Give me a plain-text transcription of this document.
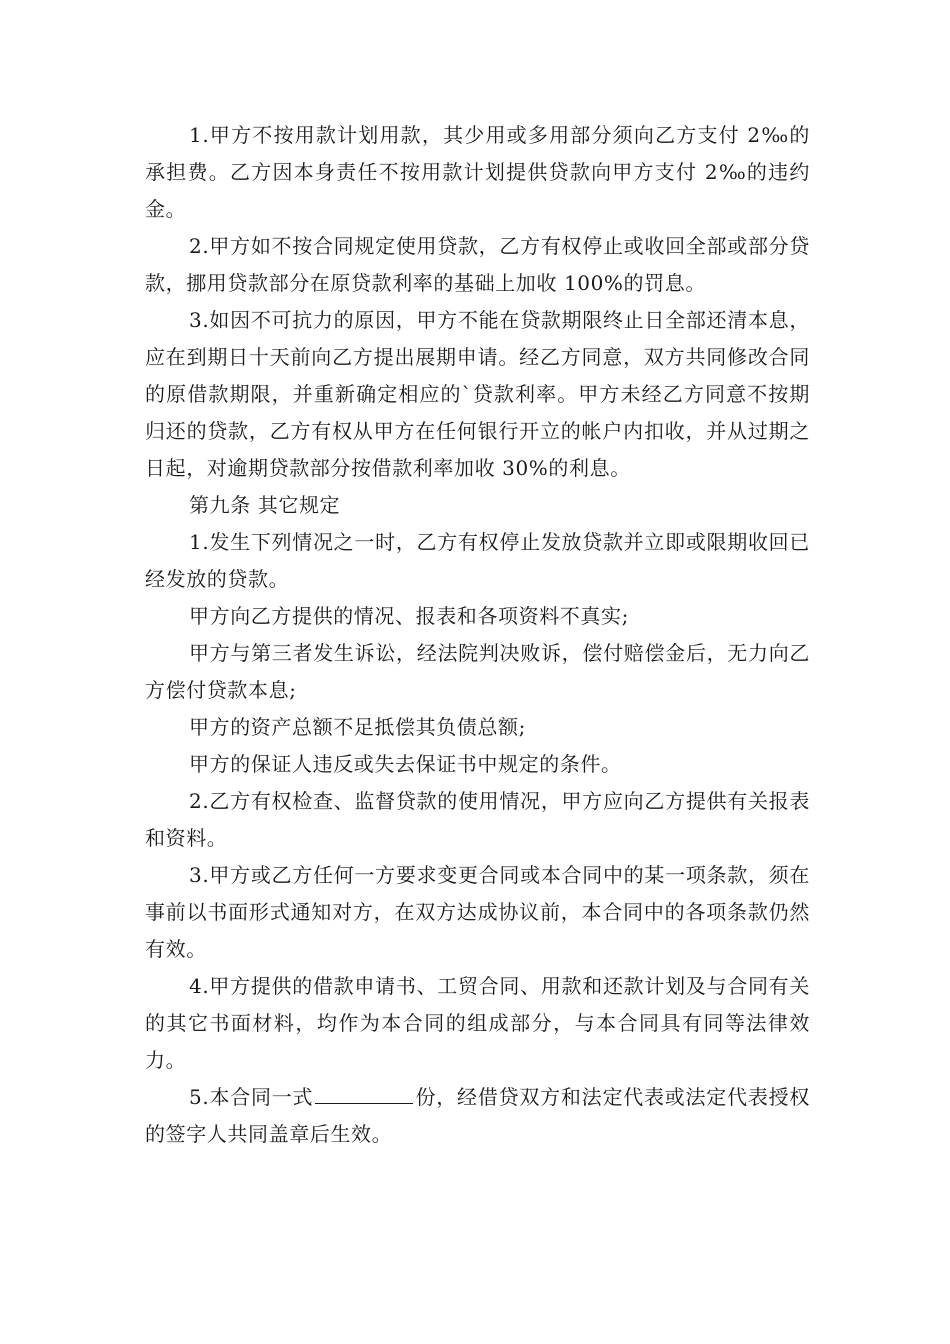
1.甲方不按用款计划用款，其少用或多用部分须向乙方支付 2‰的承担费。乙方因本身责任不按用款计划提供贷款向甲方支付 2‰的违约金。

2.甲方如不按合同规定使用贷款，乙方有权停止或收回全部或部分贷款，挪用贷款部分在原贷款利率的基础上加收 100%的罚息。

3.如因不可抗力的原因，甲方不能在贷款期限终止日全部还清本息，应在到期日十天前向乙方提出展期申请。经乙方同意，双方共同修改合同的原借款期限，并重新确定相应的`贷款利率。甲方未经乙方同意不按期归还的贷款，乙方有权从甲方在任何银行开立的帐户内扣收，并从过期之日起，对逾期贷款部分按借款利率加收 30%的利息。

第九条 其它规定

1.发生下列情况之一时，乙方有权停止发放贷款并立即或限期收回已经发放的贷款。

甲方向乙方提供的情况、报表和各项资料不真实;

甲方与第三者发生诉讼，经法院判决败诉，偿付赔偿金后，无力向乙方偿付贷款本息;

甲方的资产总额不足抵偿其负债总额;

甲方的保证人违反或失去保证书中规定的条件。

2.乙方有权检查、监督贷款的使用情况，甲方应向乙方提供有关报表和资料。

3.甲方或乙方任何一方要求变更合同或本合同中的某一项条款，须在事前以书面形式通知对方，在双方达成协议前，本合同中的各项条款仍然有效。

4.甲方提供的借款申请书、工贸合同、用款和还款计划及与合同有关的其它书面材料，均作为本合同的组成部分，与本合同具有同等法律效力。

5.本合同一式	份，经借贷双方和法定代表或法定代表授权的签字人共同盖章后生效。
